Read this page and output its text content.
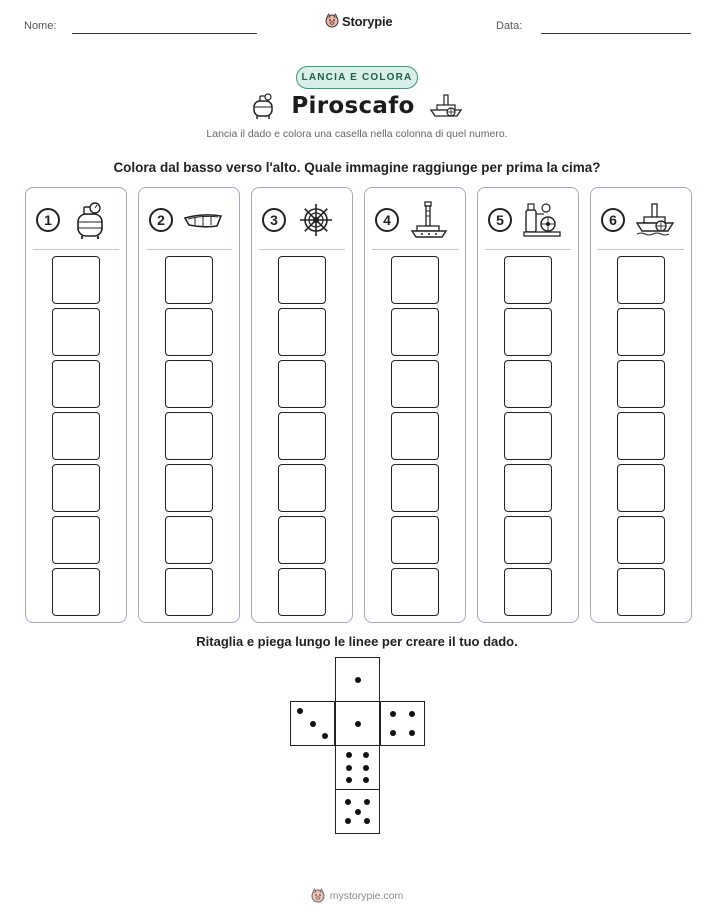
Nome:	Storypie	Data:
LANCIA E COLORA
Piroscafo
Lancia il dado e colora una casella nella colonna di quel numero.
Colora dal basso verso l'alto. Quale immagine raggiunge per prima la cima?
1	2	3	4	5	6
Ritaglia e piega lungo le linee per creare il tuo dado.
mystorypie.com
